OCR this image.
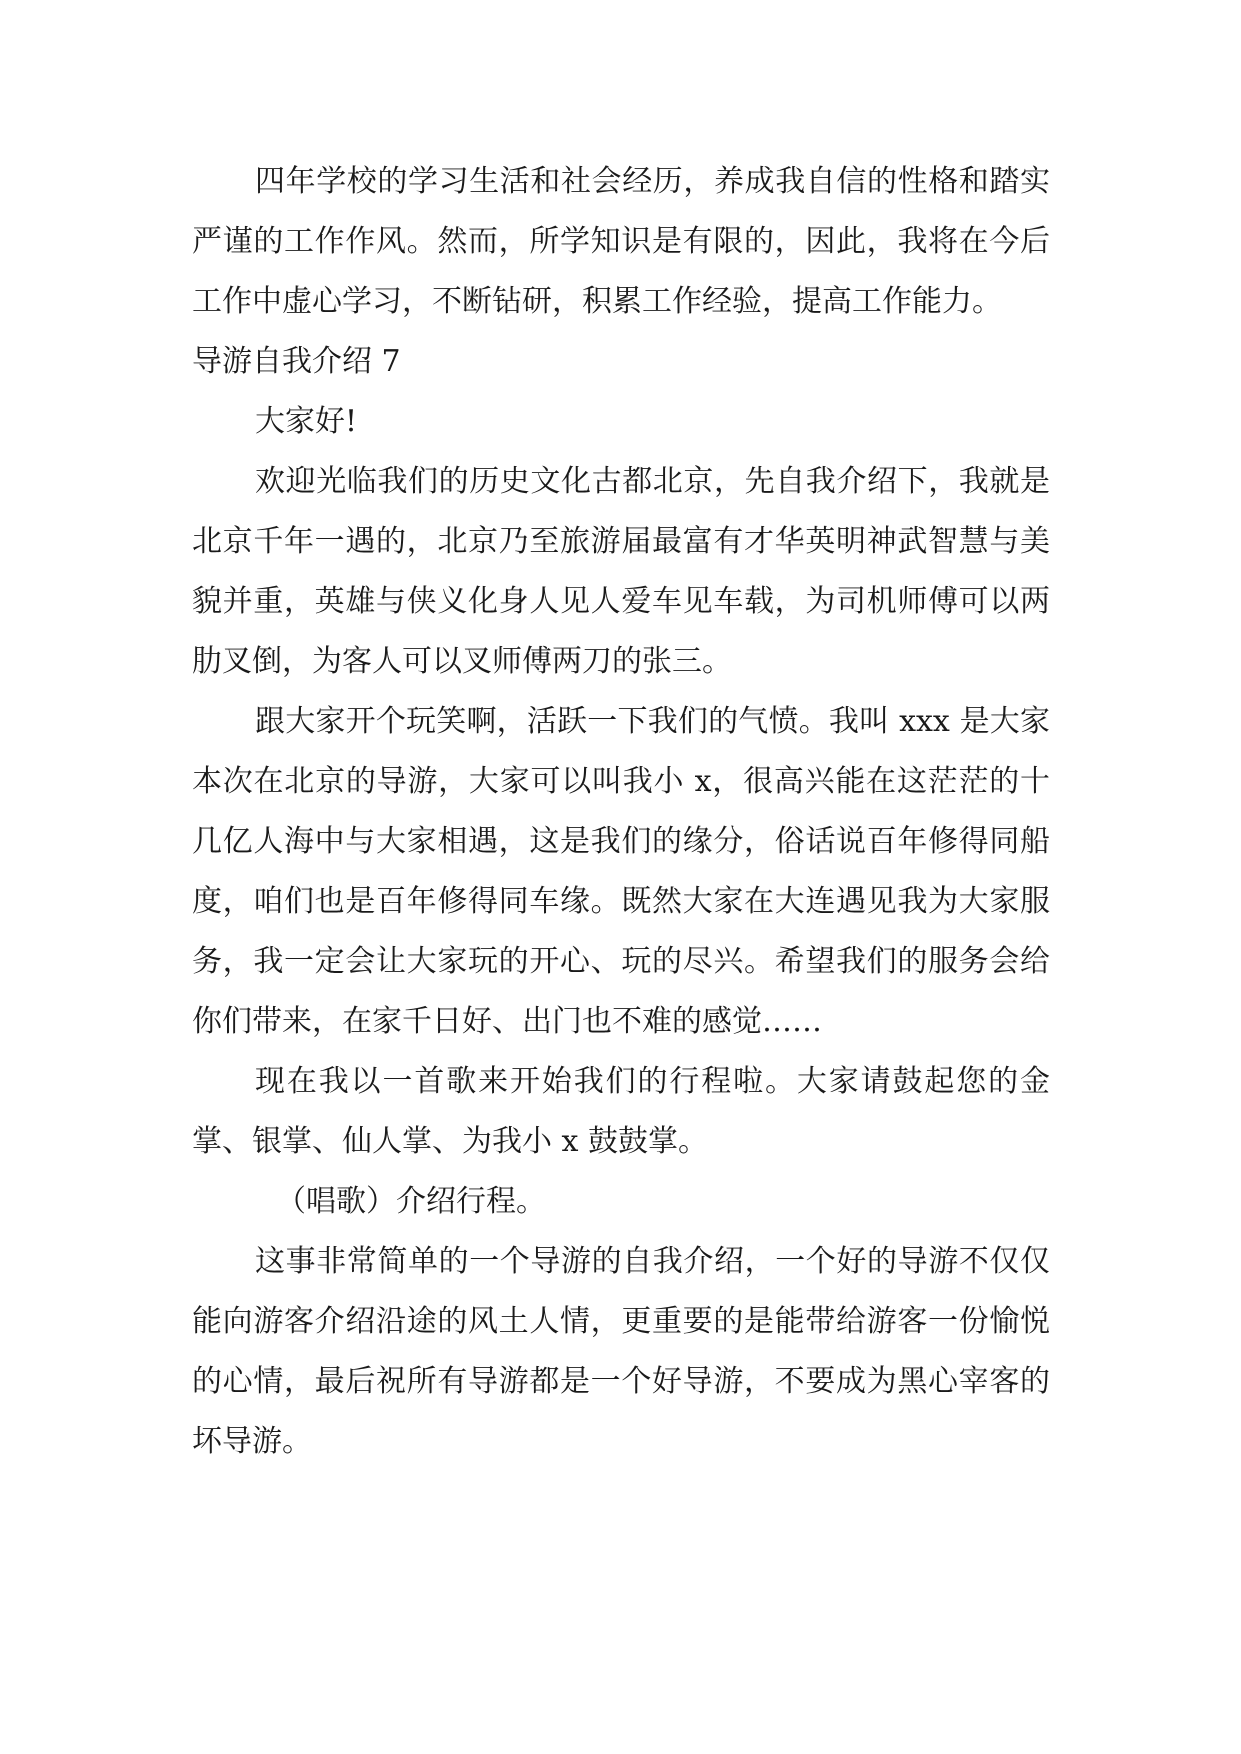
四年学校的学习生活和社会经历，养成我自信的性格和踏实严谨的工作作风。然而，所学知识是有限的，因此，我将在今后工作中虚心学习，不断钻研，积累工作经验，提高工作能力。

导游自我介绍 7

大家好!

欢迎光临我们的历史文化古都北京，先自我介绍下，我就是北京千年一遇的，北京乃至旅游届最富有才华英明神武智慧与美貌并重，英雄与侠义化身人见人爱车见车载，为司机师傅可以两肋叉倒，为客人可以叉师傅两刀的张三。

跟大家开个玩笑啊，活跃一下我们的气愤。我叫 xxx 是大家本次在北京的导游，大家可以叫我小 x，很高兴能在这茫茫的十几亿人海中与大家相遇，这是我们的缘分，俗话说百年修得同船度，咱们也是百年修得同车缘。既然大家在大连遇见我为大家服务，我一定会让大家玩的开心、玩的尽兴。希望我们的服务会给你们带来，在家千日好、出门也不难的感觉……

现在我以一首歌来开始我们的行程啦。大家请鼓起您的金掌、银掌、仙人掌、为我小 x 鼓鼓掌。

（唱歌）介绍行程。

这事非常简单的一个导游的自我介绍，一个好的导游不仅仅能向游客介绍沿途的风土人情，更重要的是能带给游客一份愉悦的心情，最后祝所有导游都是一个好导游，不要成为黑心宰客的坏导游。
